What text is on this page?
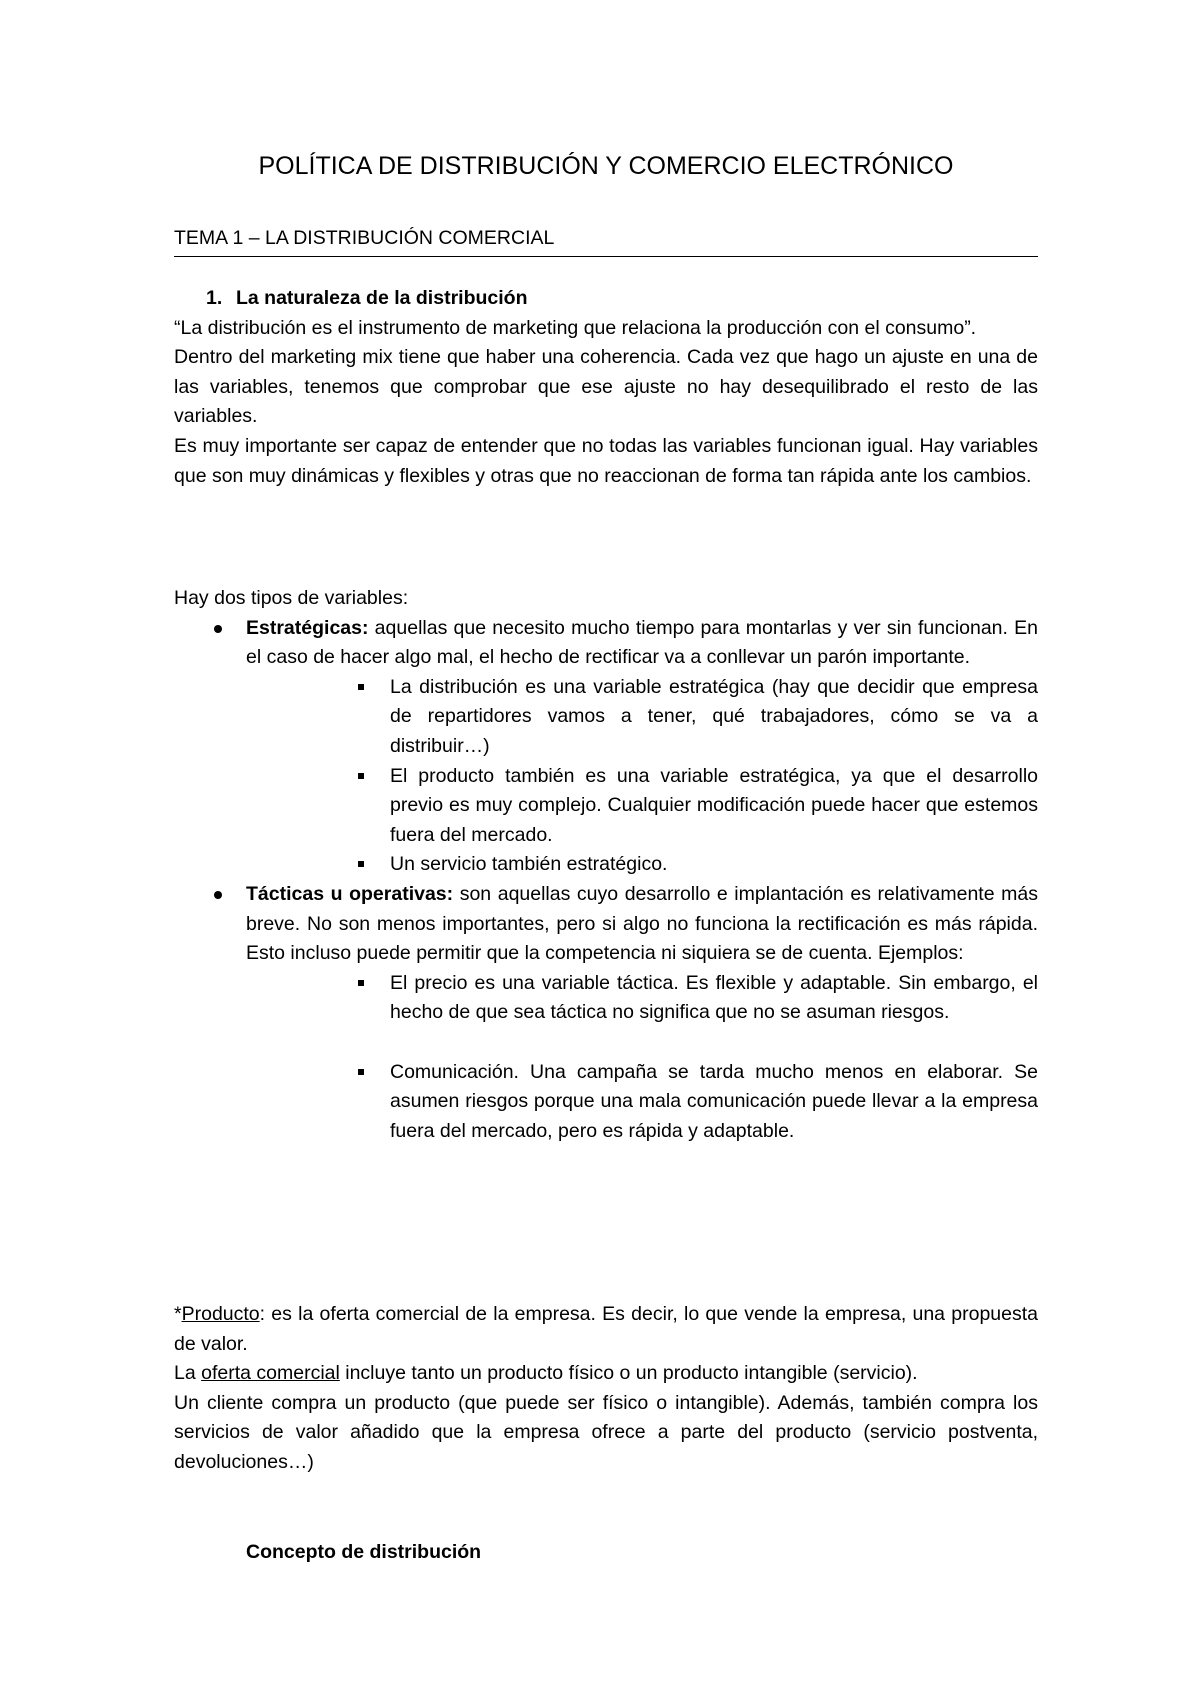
POLÍTICA DE DISTRIBUCIÓN Y COMERCIO ELECTRÓNICO

TEMA 1 – LA DISTRIBUCIÓN COMERCIAL

1. La naturaleza de la distribución

“La distribución es el instrumento de marketing que relaciona la producción con el consumo”.

Dentro del marketing mix tiene que haber una coherencia. Cada vez que hago un ajuste en una de las variables, tenemos que comprobar que ese ajuste no hay desequilibrado el resto de las variables.

Es muy importante ser capaz de entender que no todas las variables funcionan igual. Hay variables que son muy dinámicas y flexibles y otras que no reaccionan de forma tan rápida ante los cambios.

Hay dos tipos de variables:

Estratégicas: aquellas que necesito mucho tiempo para montarlas y ver sin funcionan. En el caso de hacer algo mal, el hecho de rectificar va a conllevar un parón importante.

La distribución es una variable estratégica (hay que decidir que empresa de repartidores vamos a tener, qué trabajadores, cómo se va a distribuir…)

El producto también es una variable estratégica, ya que el desarrollo previo es muy complejo. Cualquier modificación puede hacer que estemos fuera del mercado.

Un servicio también estratégico.

Tácticas u operativas: son aquellas cuyo desarrollo e implantación es relativamente más breve. No son menos importantes, pero si algo no funciona la rectificación es más rápida. Esto incluso puede permitir que la competencia ni siquiera se de cuenta. Ejemplos:

El precio es una variable táctica. Es flexible y adaptable. Sin embargo, el hecho de que sea táctica no significa que no se asuman riesgos.

Comunicación. Una campaña se tarda mucho menos en elaborar. Se asumen riesgos porque una mala comunicación puede llevar a la empresa fuera del mercado, pero es rápida y adaptable.

*Producto: es la oferta comercial de la empresa. Es decir, lo que vende la empresa, una propuesta de valor.

La oferta comercial incluye tanto un producto físico o un producto intangible (servicio).

Un cliente compra un producto (que puede ser físico o intangible). Además, también compra los servicios de valor añadido que la empresa ofrece a parte del producto (servicio postventa, devoluciones…)

Concepto de distribución
